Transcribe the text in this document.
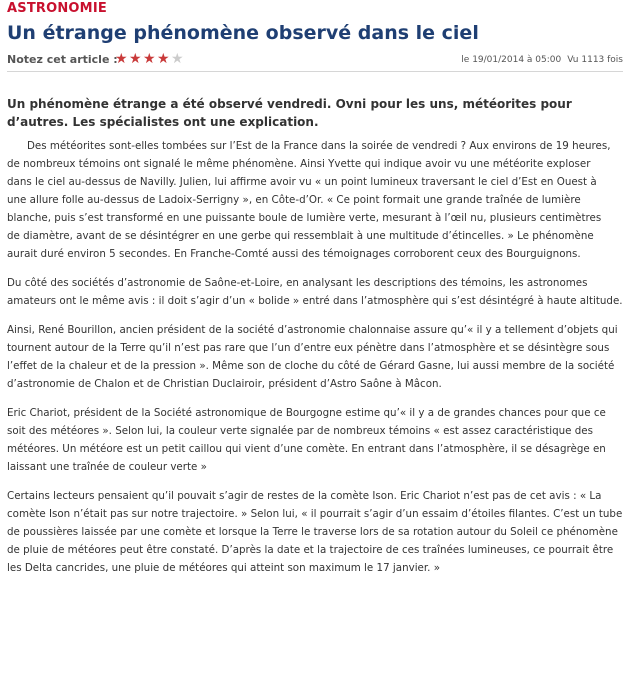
ASTRONOMIE
Un étrange phénomène observé dans le ciel
Notez cet article :
★★★★★	le 19/01/2014 à 05:00 Vu 1113 fois
Un phénomène étrange a été observé vendredi. Ovni pour les uns, météorites pour d’autres. Les spécialistes ont une explication.

Des météorites sont-elles tombées sur l’Est de la France dans la soirée de vendredi ? Aux environs de 19 heures, de nombreux témoins ont signalé le même phénomène. Ainsi Yvette qui indique avoir vu une météorite exploser dans le ciel au-dessus de Navilly. Julien, lui affirme avoir vu « un point lumineux traversant le ciel d’Est en Ouest à une allure folle au-dessus de Ladoix-Serrigny », en Côte-d’Or. « Ce point formait une grande traînée de lumière blanche, puis s’est transformé en une puissante boule de lumière verte, mesurant à l’œil nu, plusieurs centimètres de diamètre, avant de se désintégrer en une gerbe qui ressemblait à une multitude d’étincelles. » Le phénomène aurait duré environ 5 secondes. En Franche-Comté aussi des témoignages corroborent ceux des Bourguignons.

Du côté des sociétés d’astronomie de Saône-et-Loire, en analysant les descriptions des témoins, les astronomes amateurs ont le même avis : il doit s’agir d’un « bolide » entré dans l’atmosphère qui s’est désintégré à haute altitude.

Ainsi, René Bourillon, ancien président de la société d’astronomie chalonnaise assure qu’« il y a tellement d’objets qui tournent autour de la Terre qu’il n’est pas rare que l’un d’entre eux pénètre dans l’atmosphère et se désintègre sous l’effet de la chaleur et de la pression ». Même son de cloche du côté de Gérard Gasne, lui aussi membre de la société d’astronomie de Chalon et de Christian Duclairoir, président d’Astro Saône à Mâcon.

Eric Chariot, président de la Société astronomique de Bourgogne estime qu’« il y a de grandes chances pour que ce soit des météores ». Selon lui, la couleur verte signalée par de nombreux témoins « est assez caractéristique des météores. Un météore est un petit caillou qui vient d’une comète. En entrant dans l’atmosphère, il se désagrège en laissant une traînée de couleur verte »

Certains lecteurs pensaient qu’il pouvait s’agir de restes de la comète Ison. Eric Chariot n’est pas de cet avis : « La comète Ison n’était pas sur notre trajectoire. » Selon lui, « il pourrait s’agir d’un essaim d’étoiles filantes. C’est un tube de poussières laissée par une comète et lorsque la Terre le traverse lors de sa rotation autour du Soleil ce phénomène de pluie de météores peut être constaté. D’après la date et la trajectoire de ces traînées lumineuses, ce pourrait être les Delta cancrides, une pluie de météores qui atteint son maximum le 17 janvier. »
